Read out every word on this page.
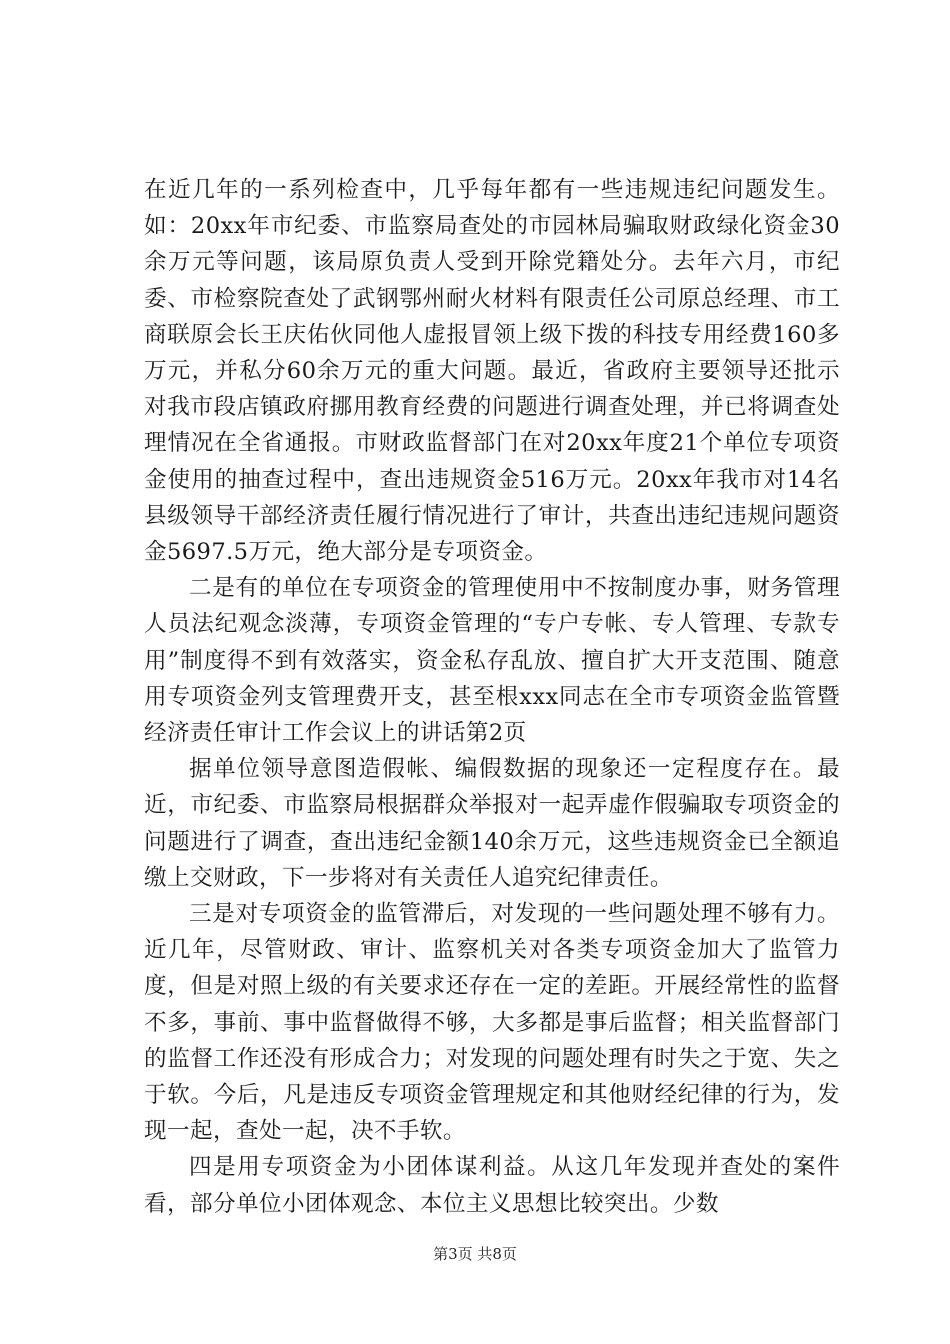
在近几年的一系列检查中，几乎每年都有一些违规违纪问题发生。如：20xx年市纪委、市监察局查处的市园林局骗取财政绿化资金30余万元等问题，该局原负责人受到开除党籍处分。去年六月，市纪委、市检察院查处了武钢鄂州耐火材料有限责任公司原总经理、市工商联原会长王庆佑伙同他人虚报冒领上级下拨的科技专用经费160多万元，并私分60余万元的重大问题。最近，省政府主要领导还批示对我市段店镇政府挪用教育经费的问题进行调查处理，并已将调查处理情况在全省通报。市财政监督部门在对20xx年度21个单位专项资金使用的抽查过程中，查出违规资金516万元。20xx年我市对14名县级领导干部经济责任履行情况进行了审计，共查出违纪违规问题资金5697.5万元，绝大部分是专项资金。

二是有的单位在专项资金的管理使用中不按制度办事，财务管理人员法纪观念淡薄，专项资金管理的“专户专帐、专人管理、专款专用”制度得不到有效落实，资金私存乱放、擅自扩大开支范围、随意用专项资金列支管理费开支，甚至根xxx同志在全市专项资金监管暨经济责任审计工作会议上的讲话第2页

据单位领导意图造假帐、编假数据的现象还一定程度存在。最近，市纪委、市监察局根据群众举报对一起弄虚作假骗取专项资金的问题进行了调查，查出违纪金额140余万元，这些违规资金已全额追缴上交财政，下一步将对有关责任人追究纪律责任。

三是对专项资金的监管滞后，对发现的一些问题处理不够有力。近几年，尽管财政、审计、监察机关对各类专项资金加大了监管力度，但是对照上级的有关要求还存在一定的差距。开展经常性的监督不多，事前、事中监督做得不够，大多都是事后监督；相关监督部门的监督工作还没有形成合力；对发现的问题处理有时失之于宽、失之于软。今后，凡是违反专项资金管理规定和其他财经纪律的行为，发现一起，查处一起，决不手软。

四是用专项资金为小团体谋利益。从这几年发现并查处的案件看，部分单位小团体观念、本位主义思想比较突出。少数

第3页 共8页
